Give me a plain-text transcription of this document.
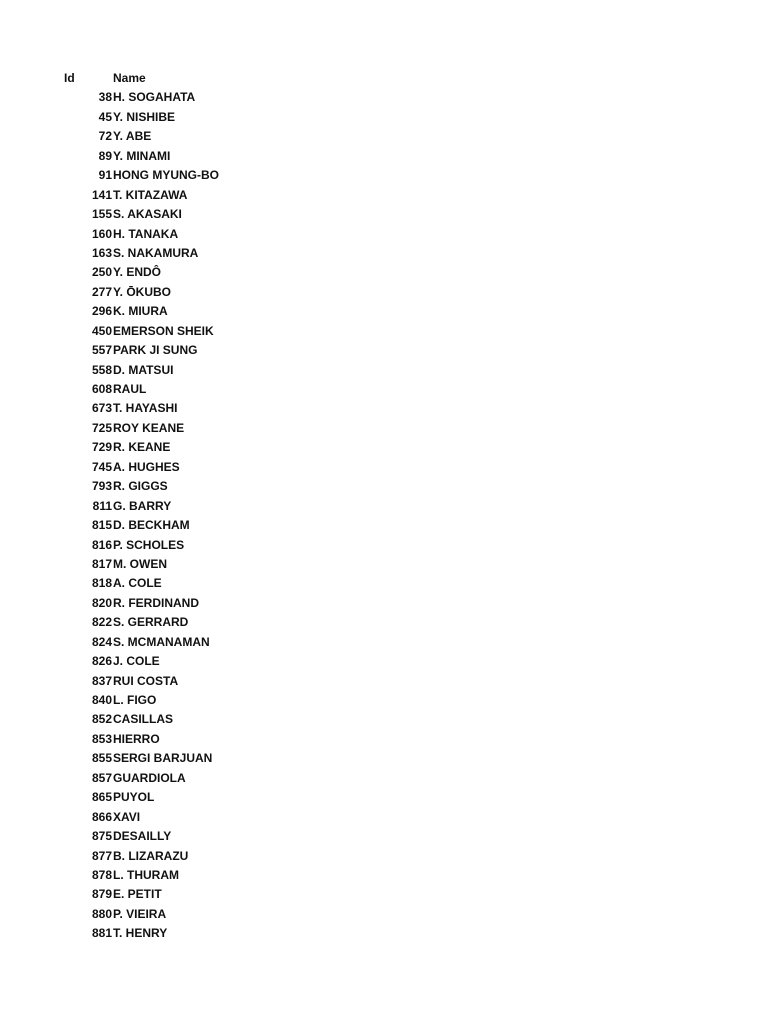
Id	Name
38 H. SOGAHATA
45 Y. NISHIBE
72 Y. ABE
89 Y. MINAMI
91 HONG MYUNG-BO
141 T. KITAZAWA
155 S. AKASAKI
160 H. TANAKA
163 S. NAKAMURA
250 Y. ENDÔ
277 Y. ŌKUBO
296 K. MIURA
450 EMERSON SHEIK
557 PARK JI SUNG
558 D. MATSUI
608 RAUL
673 T. HAYASHI
725 ROY KEANE
729 R. KEANE
745 A. HUGHES
793 R. GIGGS
811 G. BARRY
815 D. BECKHAM
816 P. SCHOLES
817 M. OWEN
818 A. COLE
820 R. FERDINAND
822 S. GERRARD
824 S. MCMANAMAN
826 J. COLE
837 RUI COSTA
840 L. FIGO
852 CASILLAS
853 HIERRO
855 SERGI BARJUAN
857 GUARDIOLA
865 PUYOL
866 XAVI
875 DESAILLY
877 B. LIZARAZU
878 L. THURAM
879 E. PETIT
880 P. VIEIRA
881 T. HENRY
